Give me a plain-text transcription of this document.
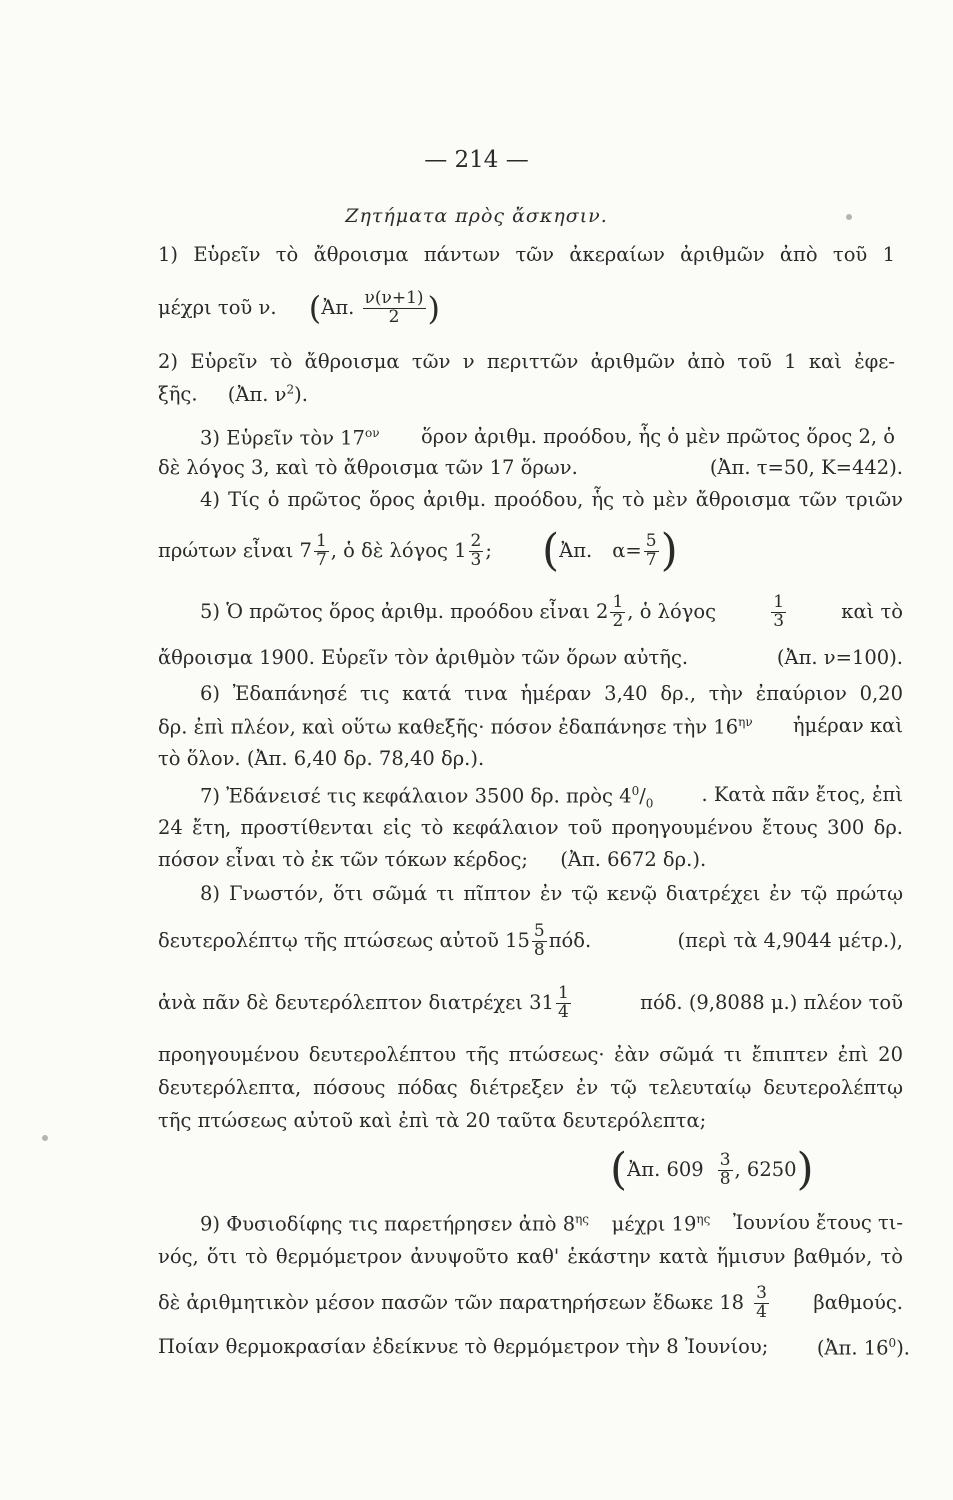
— 214 —
Ζητήματα πρὸς ἄσκησιν.
1) Εὑρεῖν τὸ ἄθροισμα πάντων τῶν ἀκεραίων ἀριθμῶν ἀπὸ τοῦ 1
μέχρι τοῦ ν. (Ἀπ. $\frac{\nu(\nu+1)}{2}$ )
2) Εὑρεῖν τὸ ἄθροισμα τῶν ν περιττῶν ἀριθμῶν ἀπὸ τοῦ 1 καὶ ἐφε-
ξῆς. (Ἀπ. $\nu^2$).
3) Εὑρεῖν τὸν $17^{o\nu}$ ὅρον ἀριθμ. προόδου, ἧς ὁ μὲν πρῶτος ὅρος 2, ὁ
δὲ λόγος 3, καὶ τὸ ἄθροισμα τῶν 17 ὅρων.	(Ἀπ. τ=50, Κ=442).
4) Τίς ὁ πρῶτος ὅρος ἀριθμ. προόδου, ἧς τὸ μὲν ἄθροισμα τῶν τριῶν
πρώτων εἶναι $7 \frac{1}{7}$ , ὁ δὲ λόγος $1 \frac{2}{3}$ ; ( Ἀπ. $\alpha= \frac{5}{7}$ )
5) Ὁ πρῶτος ὅρος ἀριθμ. προόδου εἶναι $2 \frac{1}{2}$ , ὁ λόγος	$\frac{1}{3}$	καὶ τὸ
ἄθροισμα 1900. Εὑρεῖν τὸν ἀριθμὸν τῶν ὅρων αὐτῆς.	(Ἀπ. ν=100).
6) Ἐδαπάνησέ τις κατά τινα ἡμέραν 3,40 δρ., τὴν ἐπαύριον 0,20
δρ. ἐπὶ πλέον, καὶ οὕτω καθεξῆς· πόσον ἐδαπάνησε τὴν $16^{\eta\nu}$ ἡμέραν καὶ
τὸ ὅλον. (Ἀπ. 6,40 δρ. 78,40 δρ.).
7) Ἐδάνεισέ τις κεφάλαιον 3500 δρ. πρὸς $4^0/_0$ . Κατὰ πᾶν ἔτος, ἐπὶ
24 ἔτη, προστίθενται εἰς τὸ κεφάλαιον τοῦ προηγουμένου ἔτους 300 δρ.
πόσον εἶναι τὸ ἐκ τῶν τόκων κέρδος; (Ἀπ. 6672 δρ.).
8) Γνωστόν, ὅτι σῶμά τι πῖπτον ἐν τῷ κενῷ διατρέχει ἐν τῷ πρώτῳ
δευτερολέπτῳ τῆς πτώσεως αὐτοῦ $15 \frac{5}{8} \pi ό\delta$.	(περὶ τὰ 4,9044 μέτρ.),
ἀνὰ πᾶν δὲ δευτερόλεπτον διατρέχει $31 \frac{1}{4}$	πόδ. (9,8088 μ.) πλέον τοῦ
προηγουμένου δευτερολέπτου τῆς πτώσεως· ἐὰν σῶμά τι ἔπιπτεν ἐπὶ 20
δευτερόλεπτα, πόσους πόδας διέτρεξεν ἐν τῷ τελευταίῳ δευτερολέπτῳ
τῆς πτώσεως αὐτοῦ καὶ ἐπὶ τὰ 20 ταῦτα δευτερόλεπτα;
( Ἀπ. $609 \frac{3}{8}$ , 6250 )
9) Φυσιοδίφης τις παρετήρησεν ἀπὸ $8^{\eta\varsigma}$ μέχρι $19^{\eta\varsigma}$ Ἰουνίου ἔτους τι-
νός, ὅτι τὸ θερμόμετρον ἀνυψοῦτο καθ' ἑκάστην κατὰ ἥμισυν βαθμόν, τὸ
δὲ ἀριθμητικὸν μέσον πασῶν τῶν παρατηρήσεων ἔδωκε $18 \frac{3}{4} \beta\alpha\theta\mu oύ\varsigma$.
Ποίαν θερμοκρασίαν ἐδείκνυε τὸ θερμόμετρον τὴν 8 Ἰουνίου; (Ἀπ. $16^0$).
